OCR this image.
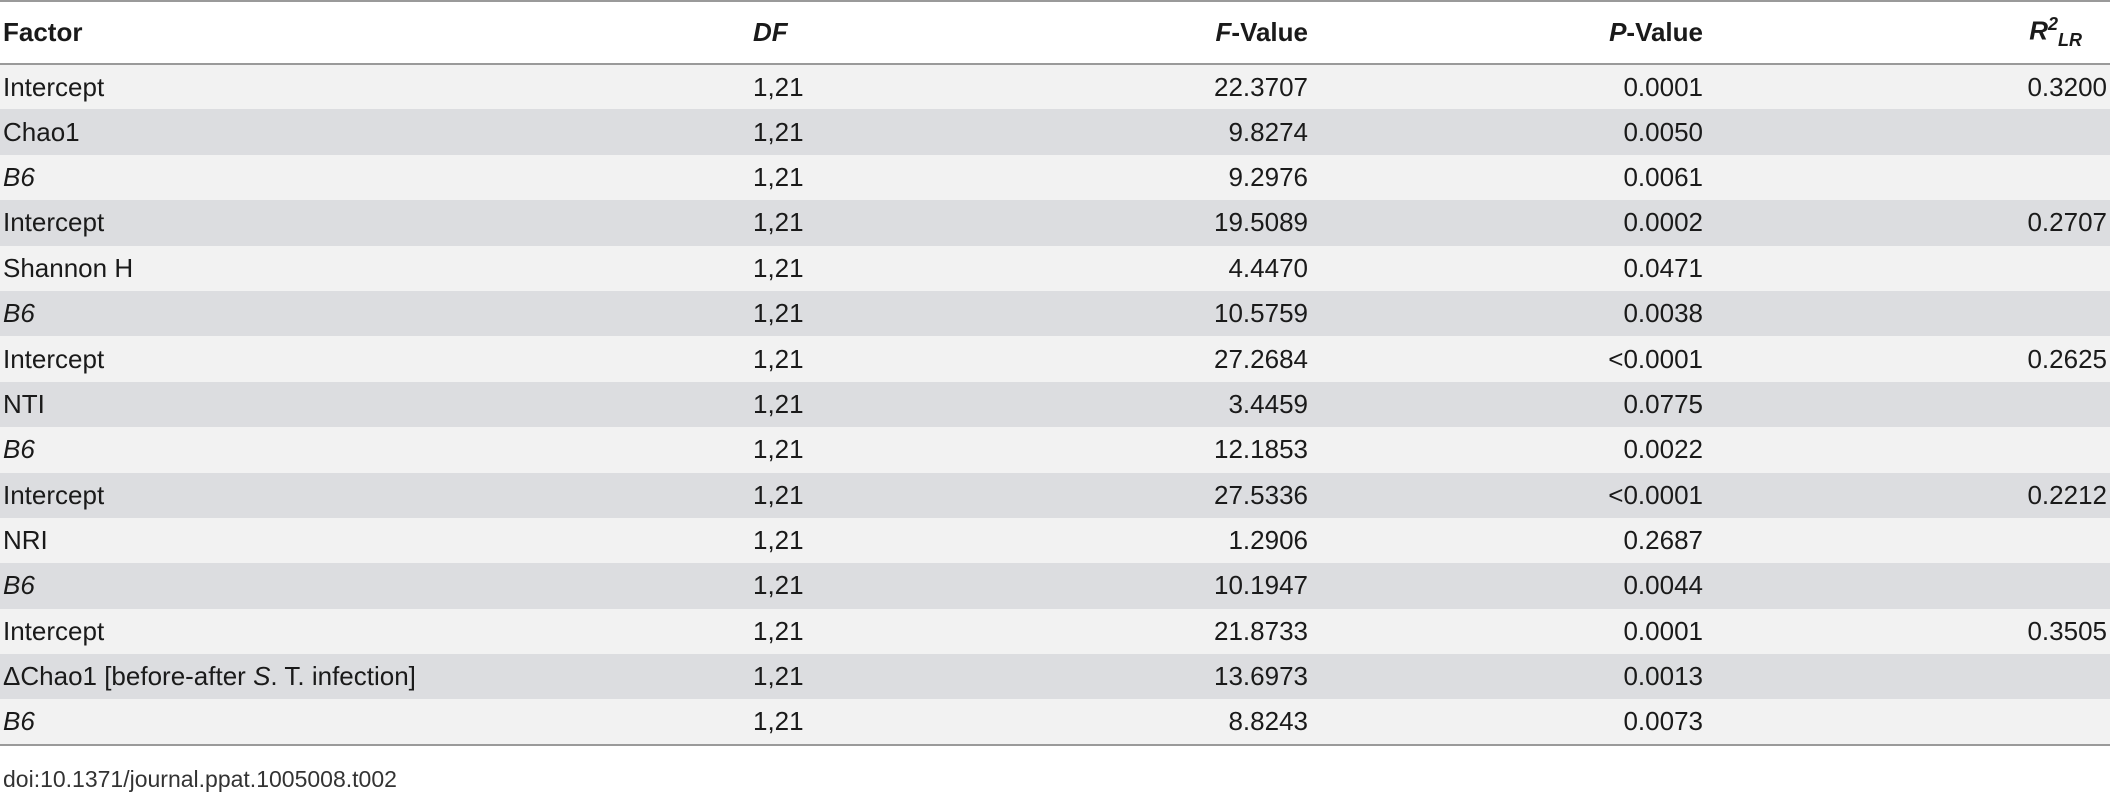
Factor	DF	F-Value	P-Value	$R^2_{LR}$
Intercept	1,21	22.3707	0.0001	0.3200
Chao1	1,21	9.8274	0.0050	
B6	1,21	9.2976	0.0061	
Intercept	1,21	19.5089	0.0002	0.2707
Shannon H	1,21	4.4470	0.0471	
B6	1,21	10.5759	0.0038	
Intercept	1,21	27.2684	<0.0001	0.2625
NTI	1,21	3.4459	0.0775	
B6	1,21	12.1853	0.0022	
Intercept	1,21	27.5336	<0.0001	0.2212
NRI	1,21	1.2906	0.2687	
B6	1,21	10.1947	0.0044	
Intercept	1,21	21.8733	0.0001	0.3505
ΔChao1 [before-after S. T. infection]	1,21	13.6973	0.0013	
B6	1,21	8.8243	0.0073	
doi:10.1371/journal.ppat.1005008.t002
